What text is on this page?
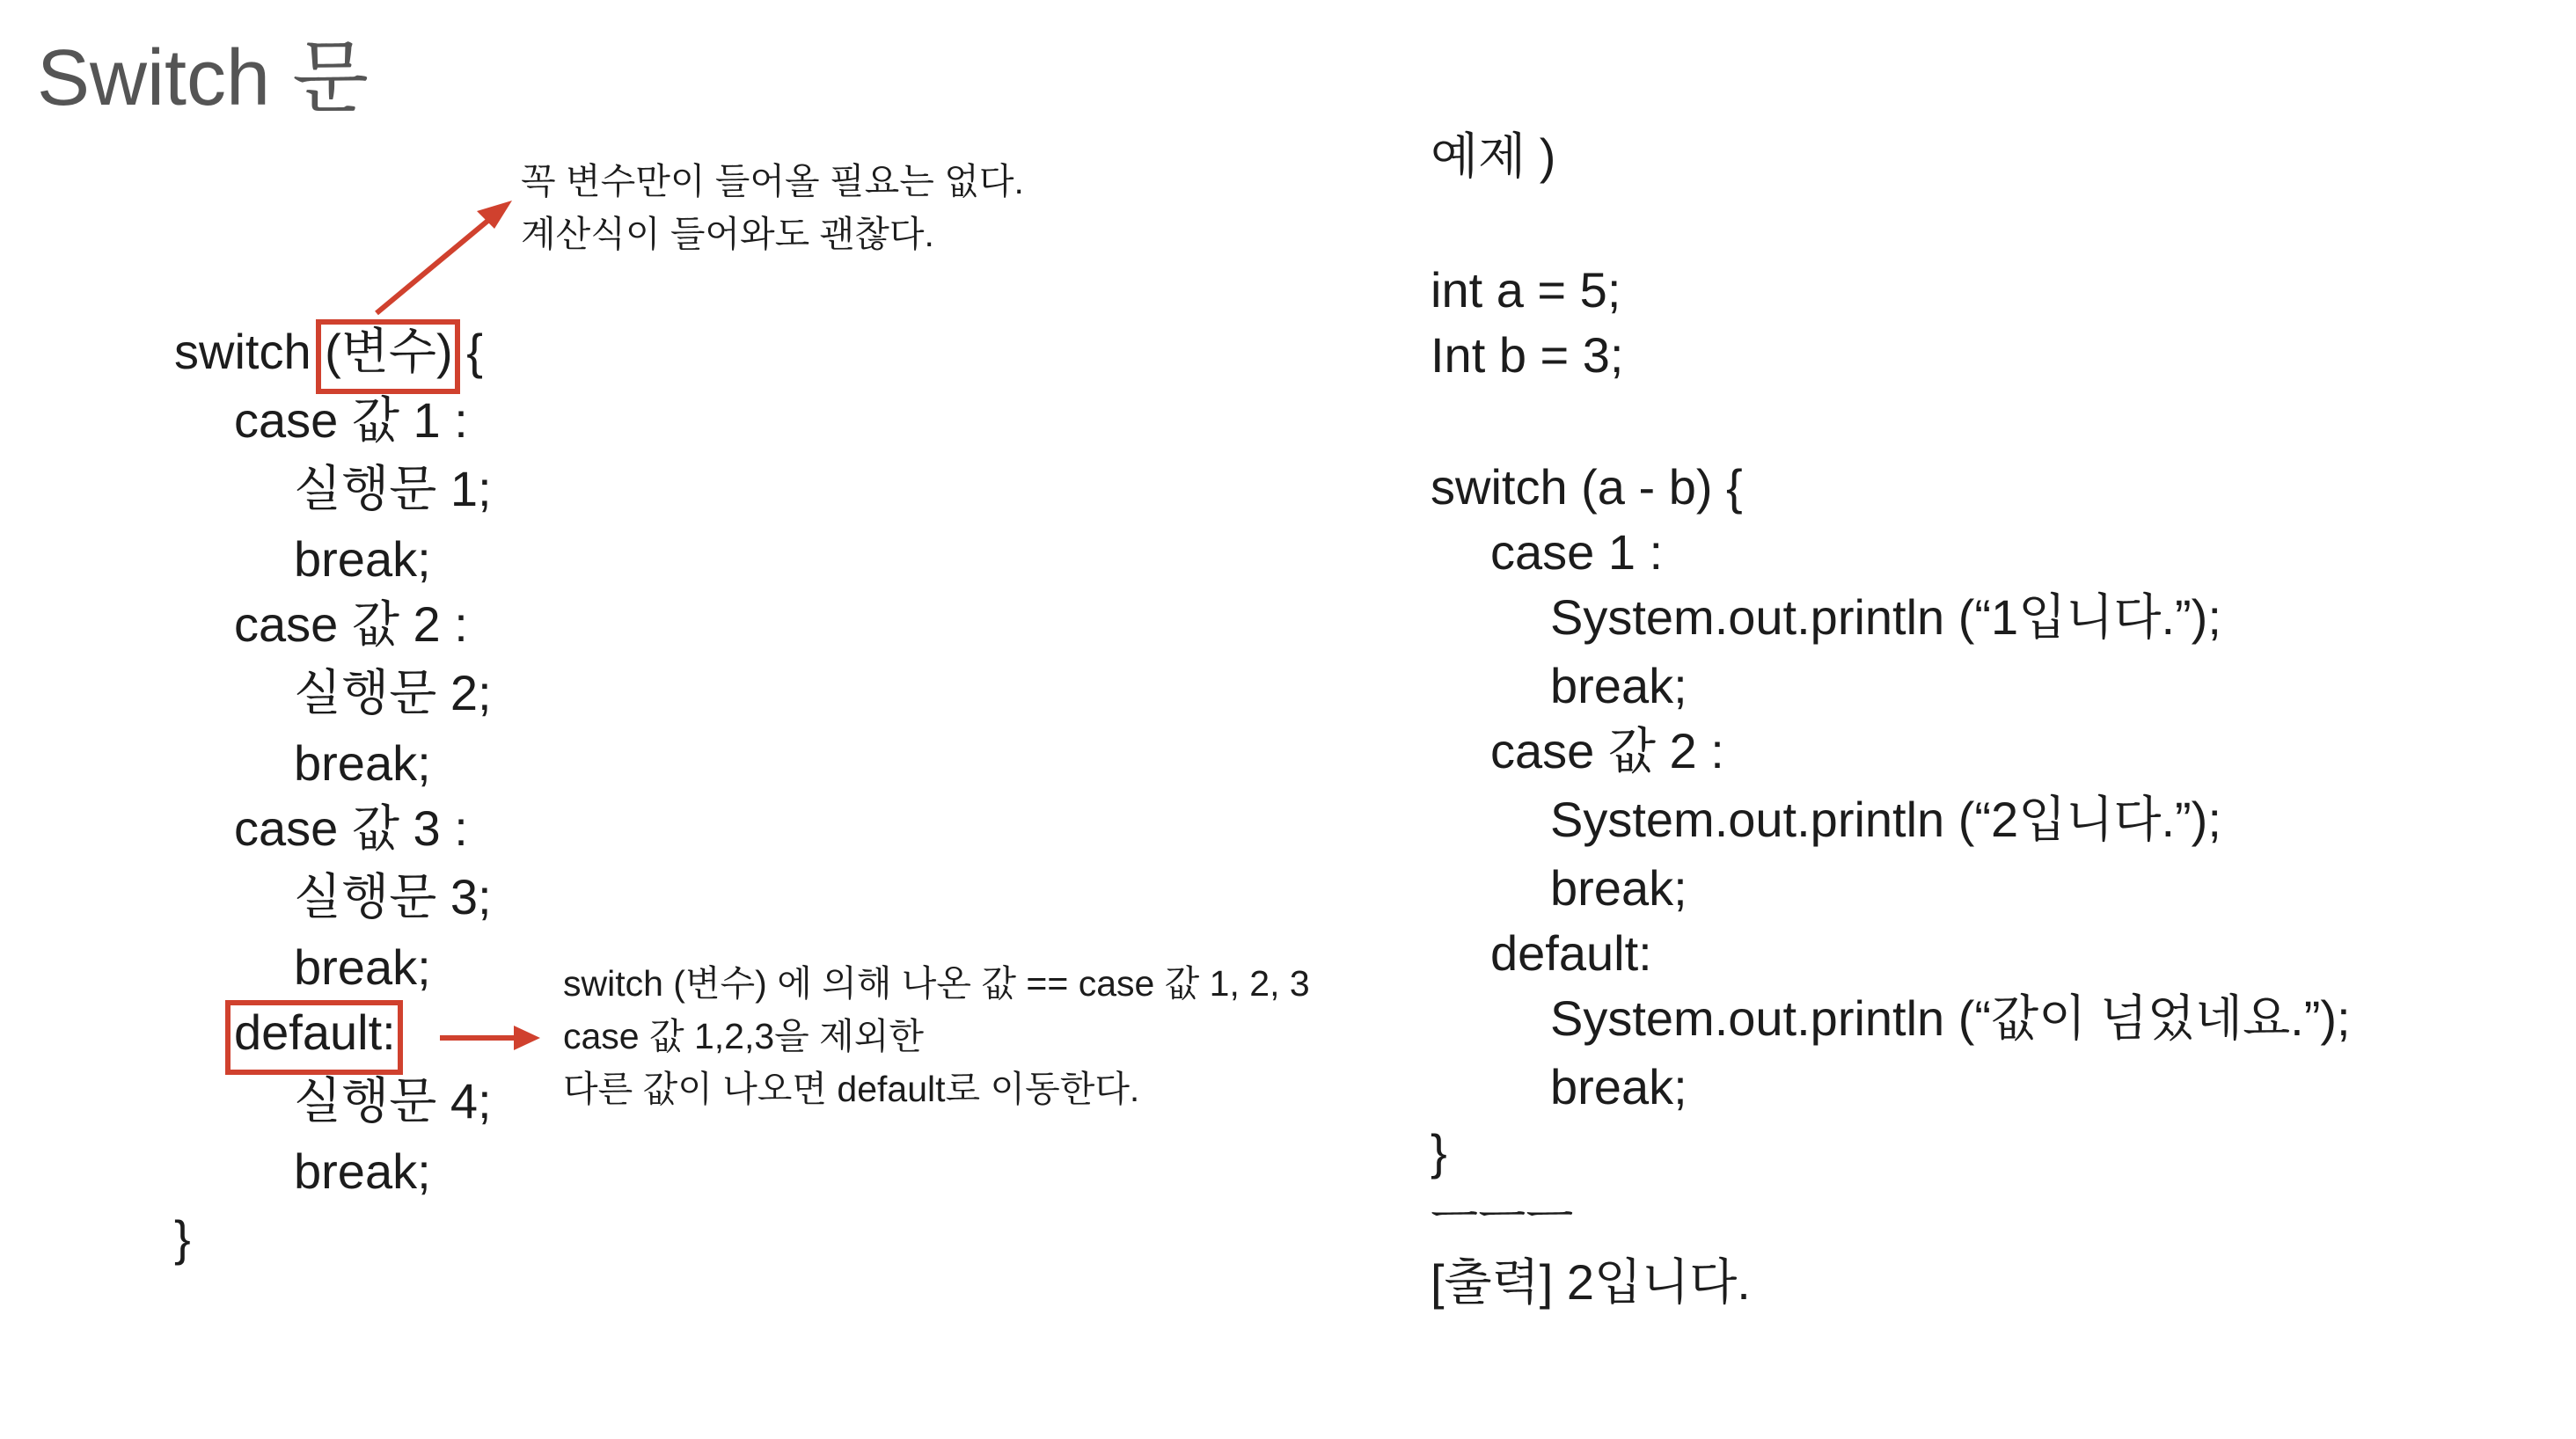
Switch 문
switch (변수) {
case 값 1 :
실행문 1;
break;
case 값 2 :
실행문 2;
break;
case 값 3 :
실행문 3;
break;
default:
실행문 4;
break;
}
꼭 변수만이 들어올 필요는 없다.
계산식이 들어와도 괜찮다.
switch (변수) 에 의해 나온 값 == case 값 1, 2, 3
case 값 1,2,3을 제외한
다른 값이 나오면 default로 이동한다.
예제 )
int a = 5;
Int b = 3;
switch (a - b) {
case 1 :
System.out.println (“1입니다.”);
break;
case 값 2 :
System.out.println (“2입니다.”);
break;
default:
System.out.println (“값이 넘었네요.”);
break;
}
ㅡㅡㅡ
[출력] 2입니다.
